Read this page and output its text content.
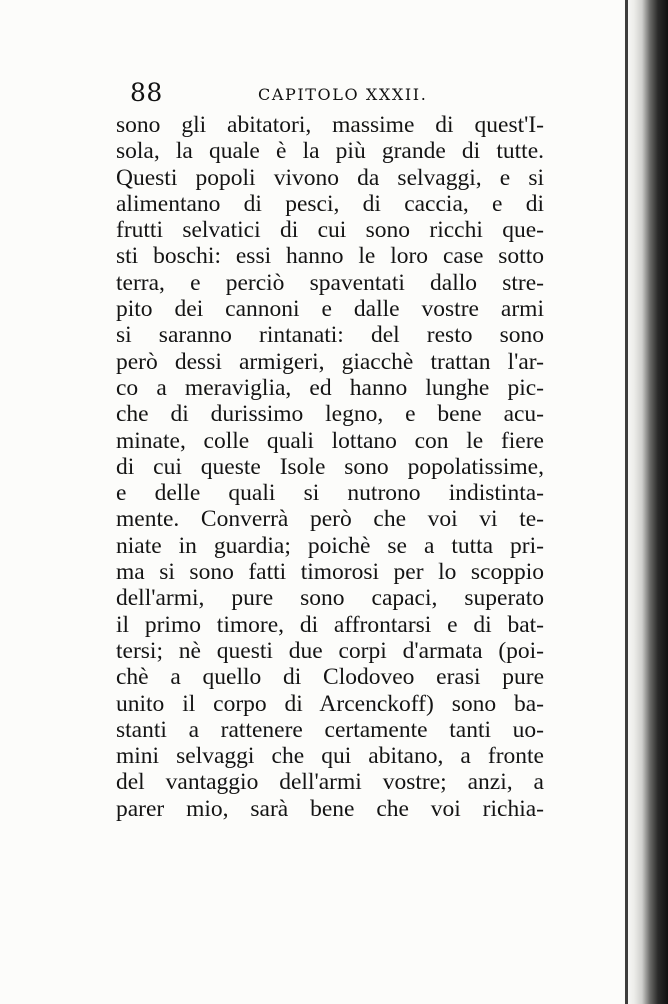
88	CAPITOLO XXXII.
sono gli abitatori, massime di quest'I-
sola, la quale è la più grande di tutte.
Questi popoli vivono da selvaggi, e si
alimentano di pesci, di caccia, e di
frutti selvatici di cui sono ricchi que-
sti boschi: essi hanno le loro case sotto
terra, e perciò spaventati dallo stre-
pito dei cannoni e dalle vostre armi
si saranno rintanati: del resto sono
però dessi armigeri, giacchè trattan l'ar-
co a meraviglia, ed hanno lunghe pic-
che di durissimo legno, e bene acu-
minate, colle quali lottano con le fiere
di cui queste Isole sono popolatissime,
e delle quali si nutrono indistinta-
mente. Converrà però che voi vi te-
niate in guardia; poichè se a tutta pri-
ma si sono fatti timorosi per lo scoppio
dell'armi, pure sono capaci, superato
il primo timore, di affrontarsi e di bat-
tersi; nè questi due corpi d'armata (poi-
chè a quello di Clodoveo erasi pure
unito il corpo di Arcenckoff) sono ba-
stanti a rattenere certamente tanti uo-
mini selvaggi che qui abitano, a fronte
del vantaggio dell'armi vostre; anzi, a
parer mio, sarà bene che voi richia-
